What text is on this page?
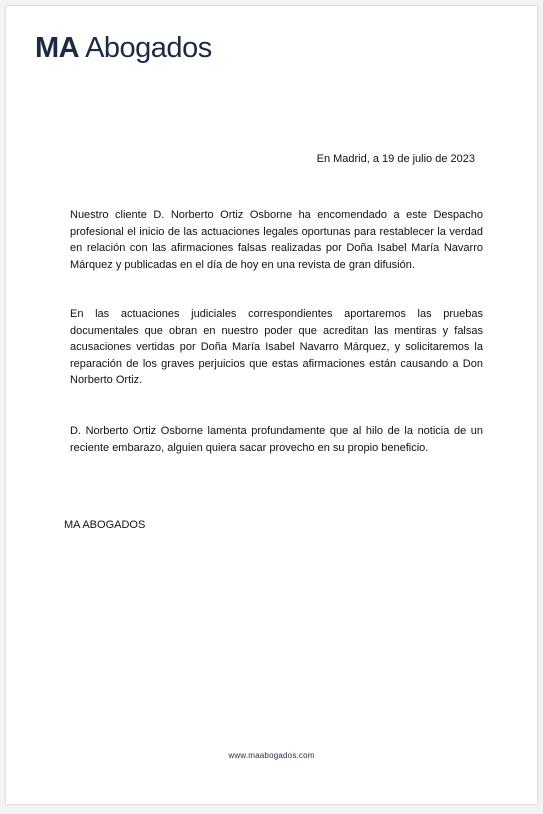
MA Abogados
En Madrid, a 19 de julio de 2023

Nuestro cliente D. Norberto Ortiz Osborne ha encomendado a este Despacho profesional el inicio de las actuaciones legales oportunas para restablecer la verdad en relación con las afirmaciones falsas realizadas por Doña Isabel María Navarro Márquez y publicadas en el día de hoy en una revista de gran difusión.

En las actuaciones judiciales correspondientes aportaremos las pruebas documentales que obran en nuestro poder que acreditan las mentiras y falsas acusaciones vertidas por Doña María Isabel Navarro Márquez, y solicitaremos la reparación de los graves perjuicios que estas afirmaciones están causando a Don Norberto Ortiz.

D. Norberto Ortiz Osborne lamenta profundamente que al hilo de la noticia de un reciente embarazo, alguien quiera sacar provecho en su propio beneficio.

MA ABOGADOS
www.maabogados.com
